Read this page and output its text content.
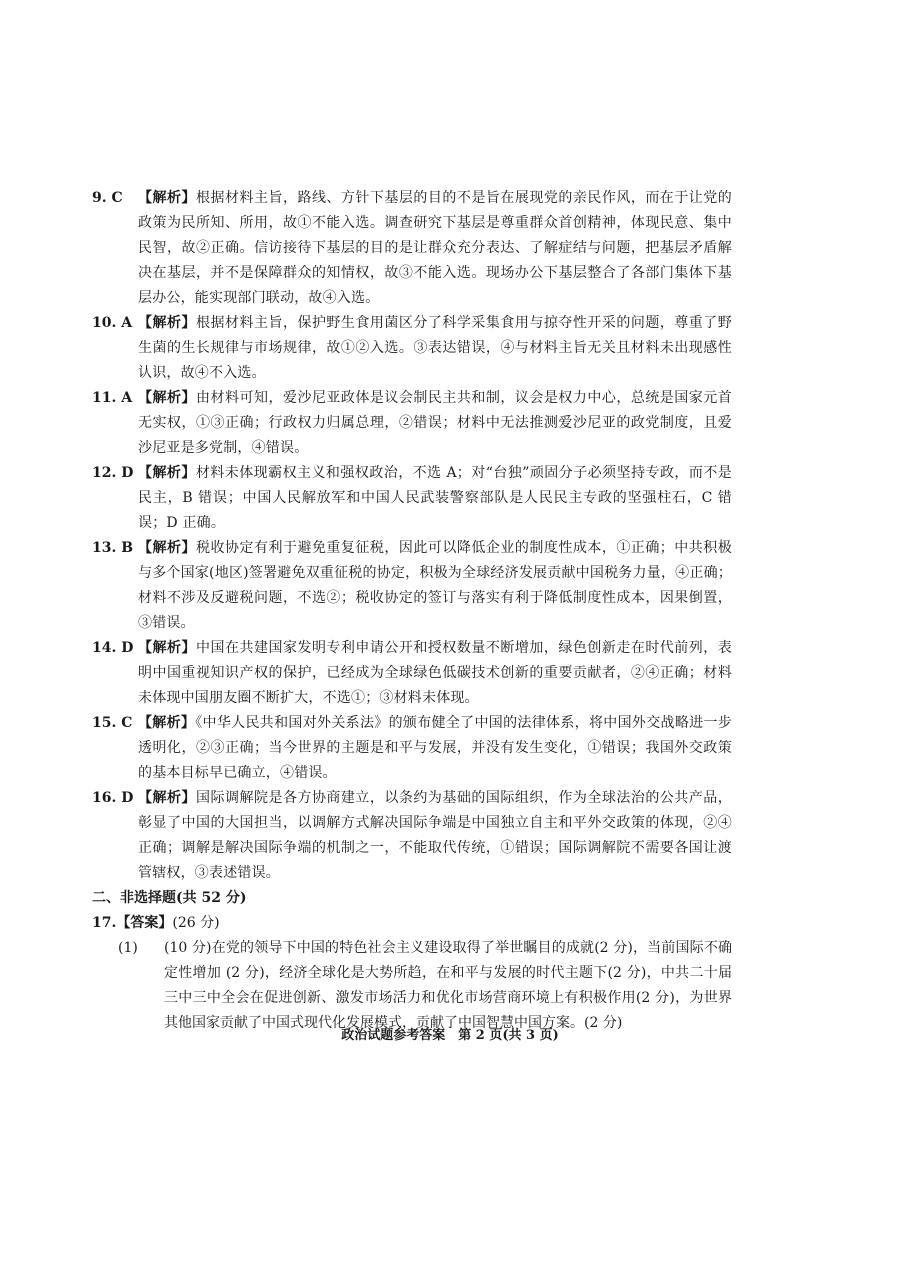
9. C 【解析】根据材料主旨，路线、方针下基层的目的不是旨在展现党的亲民作风，而在于让党的政策为民所知、所用，故①不能入选。调查研究下基层是尊重群众首创精神，体现民意、集中民智，故②正确。信访接待下基层的目的是让群众充分表达、了解症结与问题，把基层矛盾解决在基层，并不是保障群众的知情权，故③不能入选。现场办公下基层整合了各部门集体下基层办公，能实现部门联动，故④入选。
10. A 【解析】根据材料主旨，保护野生食用菌区分了科学采集食用与掠夺性开采的问题，尊重了野生菌的生长规律与市场规律，故①②入选。③表达错误，④与材料主旨无关且材料未出现感性认识，故④不入选。
11. A 【解析】由材料可知，爱沙尼亚政体是议会制民主共和制，议会是权力中心，总统是国家元首无实权，①③正确；行政权力归属总理，②错误；材料中无法推测爱沙尼亚的政党制度，且爱沙尼亚是多党制，④错误。
12. D 【解析】材料未体现霸权主义和强权政治，不选 A；对“台独”顽固分子必须坚持专政，而不是民主，B 错误；中国人民解放军和中国人民武装警察部队是人民民主专政的坚强柱石，C 错误；D 正确。
13. B 【解析】税收协定有利于避免重复征税，因此可以降低企业的制度性成本，①正确；中共积极与多个国家(地区)签署避免双重征税的协定，积极为全球经济发展贡献中国税务力量，④正确；材料不涉及反避税问题，不选②；税收协定的签订与落实有利于降低制度性成本，因果倒置，③错误。
14. D 【解析】中国在共建国家发明专利申请公开和授权数量不断增加，绿色创新走在时代前列，表明中国重视知识产权的保护，已经成为全球绿色低碳技术创新的重要贡献者，②④正确；材料未体现中国朋友圈不断扩大，不选①；③材料未体现。
15. C 【解析】《中华人民共和国对外关系法》的颁布健全了中国的法律体系，将中国外交战略进一步透明化，②③正确；当今世界的主题是和平与发展，并没有发生变化，①错误；我国外交政策的基本目标早已确立，④错误。
16. D 【解析】国际调解院是各方协商建立，以条约为基础的国际组织，作为全球法治的公共产品，彰显了中国的大国担当，以调解方式解决国际争端是中国独立自主和平外交政策的体现，②④正确；调解是解决国际争端的机制之一，不能取代传统，①错误；国际调解院不需要各国让渡管辖权，③表述错误。
二、非选择题(共 52 分)
17.【答案】(26 分)
(1) (10 分)在党的领导下中国的特色社会主义建设取得了举世瞩目的成就(2 分)，当前国际不确定性增加 (2 分)，经济全球化是大势所趋，在和平与发展的时代主题下(2 分)，中共二十届三中三中全会在促进创新、激发市场活力和优化市场营商环境上有积极作用(2 分)，为世界其他国家贡献了中国式现代化发展模式，贡献了中国智慧中国方案。(2 分)
政治试题参考答案　第 2 页(共 3 页)
